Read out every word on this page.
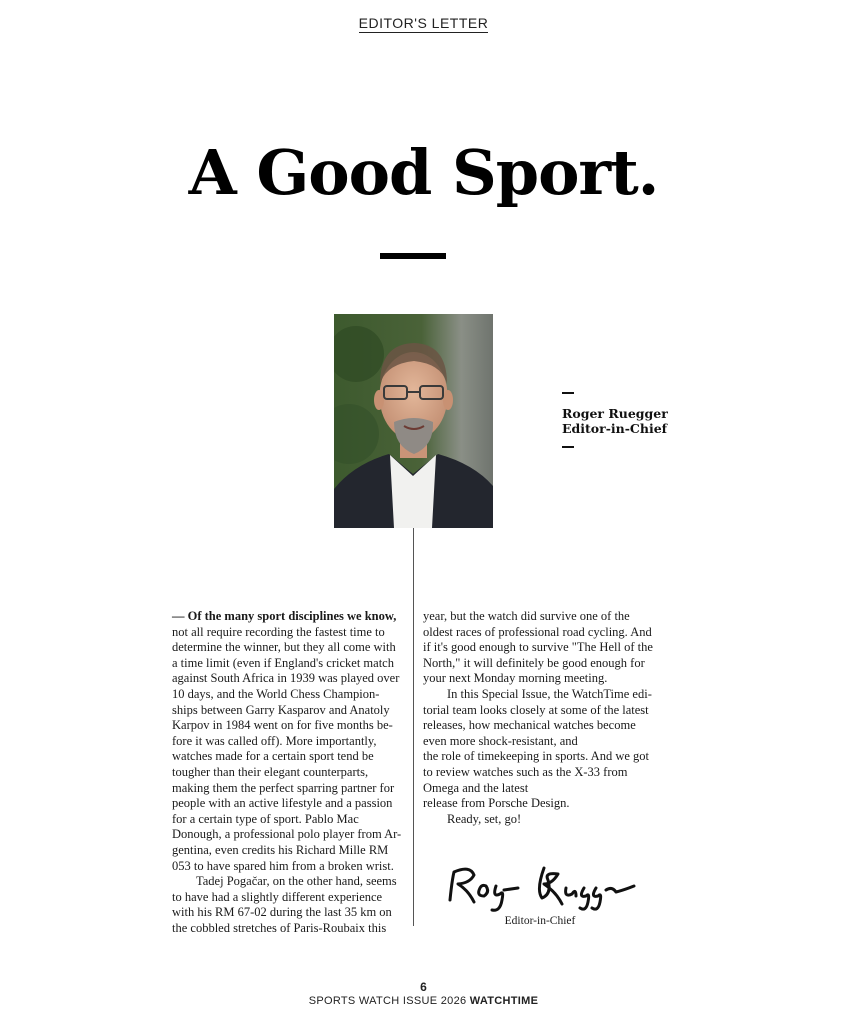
EDITOR'S LETTER
A Good Sport.
Roger Ruegger
Editor-in-Chief
— Of the many sport disciplines we know,
not all require recording the fastest time to
determine the winner, but they all come with
a time limit (even if England's cricket match
against South Africa in 1939 was played over
10 days, and the World Chess Champion-
ships between Garry Kasparov and Anatoly
Karpov in 1984 went on for five months be-
fore it was called off). More importantly,
watches made for a certain sport tend be
tougher than their elegant counterparts,
making them the perfect sparring partner for
people with an active lifestyle and a passion
for a certain type of sport. Pablo Mac
Donough, a professional polo player from Ar-
gentina, even credits his Richard Mille RM
053 to have spared him from a broken wrist.
Tadej Pogačar, on the other hand, seems
to have had a slightly different experience
with his RM 67-02 during the last 35 km on
the cobbled stretches of Paris-Roubaix this
year, but the watch did survive one of the
oldest races of professional road cycling. And
if it's good enough to survive "The Hell of the
North," it will definitely be good enough for
your next Monday morning meeting.
In this Special Issue, the WatchTime edi-
torial team looks closely at some of the latest
releases, how mechanical watches become
even more shock-resistant, and
the role of timekeeping in sports. And we got
to review watches such as the X-33 from
Omega and the latest
release from Porsche Design.
Ready, set, go!
Editor-in-Chief
6
SPORTS WATCH ISSUE 2026 WATCHTIME
